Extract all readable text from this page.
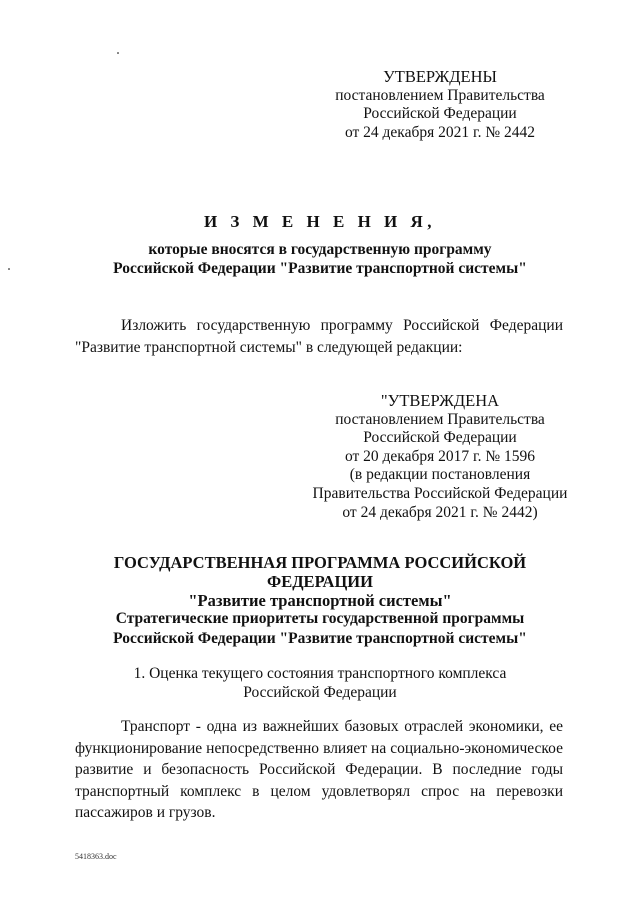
УТВЕРЖДЕНЫ
постановлением Правительства
Российской Федерации
от 24 декабря 2021 г. № 2442
И З М Е Н Е Н И Я,
которые вносятся в государственную программу
Российской Федерации "Развитие транспортной системы"
Изложить государственную программу Российской Федерации "Развитие транспортной системы" в следующей редакции:
"УТВЕРЖДЕНА
постановлением Правительства
Российской Федерации
от 20 декабря 2017 г. № 1596
(в редакции постановления
Правительства Российской Федерации
от 24 декабря 2021 г. № 2442)
ГОСУДАРСТВЕННАЯ ПРОГРАММА РОССИЙСКОЙ ФЕДЕРАЦИИ
"Развитие транспортной системы"
Стратегические приоритеты государственной программы
Российской Федерации "Развитие транспортной системы"
1. Оценка текущего состояния транспортного комплекса
Российской Федерации
Транспорт - одна из важнейших базовых отраслей экономики, ее функционирование непосредственно влияет на социально-экономическое развитие и безопасность Российской Федерации. В последние годы транспортный комплекс в целом удовлетворял спрос на перевозки пассажиров и грузов.
5418363.doc
